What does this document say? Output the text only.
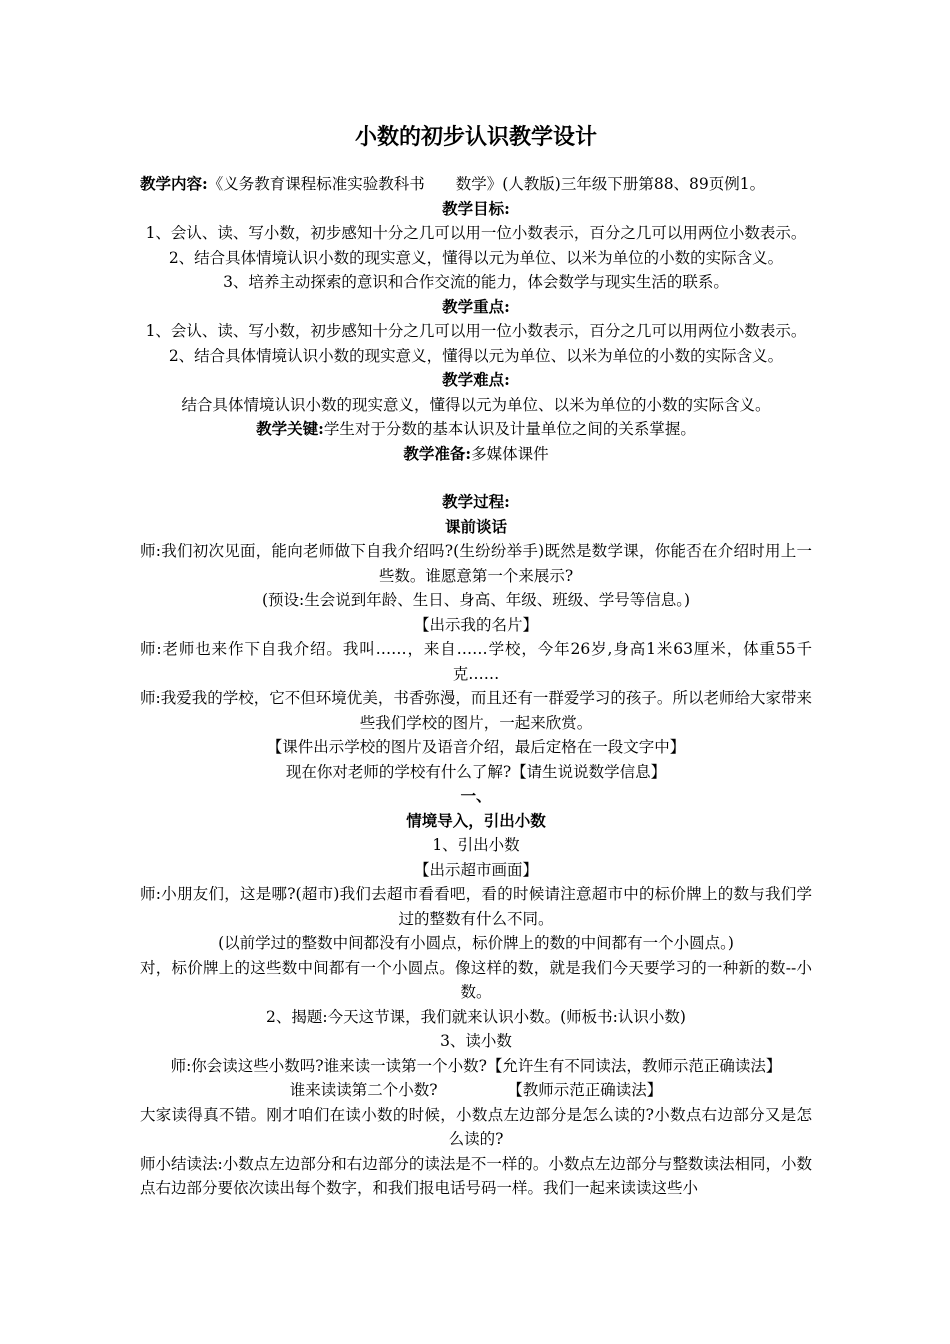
小数的初步认识教学设计

教学内容:《义务教育课程标准实验教科书　　数学》(人教版)三年级下册第88、89页例1。

教学目标:

1、会认、读、写小数，初步感知十分之几可以用一位小数表示，百分之几可以用两位小数表示。

2、结合具体情境认识小数的现实意义，懂得以元为单位、以米为单位的小数的实际含义。

3、培养主动探索的意识和合作交流的能力，体会数学与现实生活的联系。

教学重点:

1、会认、读、写小数，初步感知十分之几可以用一位小数表示，百分之几可以用两位小数表示。

2、结合具体情境认识小数的现实意义，懂得以元为单位、以米为单位的小数的实际含义。

教学难点:

结合具体情境认识小数的现实意义，懂得以元为单位、以米为单位的小数的实际含义。

教学关键:学生对于分数的基本认识及计量单位之间的关系掌握。

教学准备:多媒体课件

教学过程:

课前谈话

师:我们初次见面，能向老师做下自我介绍吗?(生纷纷举手)既然是数学课，你能否在介绍时用上一些数。谁愿意第一个来展示?

(预设:生会说到年龄、生日、身高、年级、班级、学号等信息。)

【出示我的名片】

师:老师也来作下自我介绍。我叫……，来自……学校，今年26岁,身高1米63厘米，体重55千克……

师:我爱我的学校，它不但环境优美，书香弥漫，而且还有一群爱学习的孩子。所以老师给大家带来些我们学校的图片，一起来欣赏。

【课件出示学校的图片及语音介绍，最后定格在一段文字中】

现在你对老师的学校有什么了解?【请生说说数学信息】

一、

情境导入，引出小数

1、引出小数

【出示超市画面】

师:小朋友们，这是哪?(超市)我们去超市看看吧，看的时候请注意超市中的标价牌上的数与我们学过的整数有什么不同。

(以前学过的整数中间都没有小圆点，标价牌上的数的中间都有一个小圆点。)

对，标价牌上的这些数中间都有一个小圆点。像这样的数，就是我们今天要学习的一种新的数--小数。

2、揭题:今天这节课，我们就来认识小数。(师板书:认识小数)

3、读小数

师:你会读这些小数吗?谁来读一读第一个小数?【允许生有不同读法，教师示范正确读法】

谁来读读第二个小数?　　　　　【教师示范正确读法】

大家读得真不错。刚才咱们在读小数的时候，小数点左边部分是怎么读的?小数点右边部分又是怎么读的?

师小结读法:小数点左边部分和右边部分的读法是不一样的。小数点左边部分与整数读法相同，小数点右边部分要依次读出每个数字，和我们报电话号码一样。我们一起来读读这些小
